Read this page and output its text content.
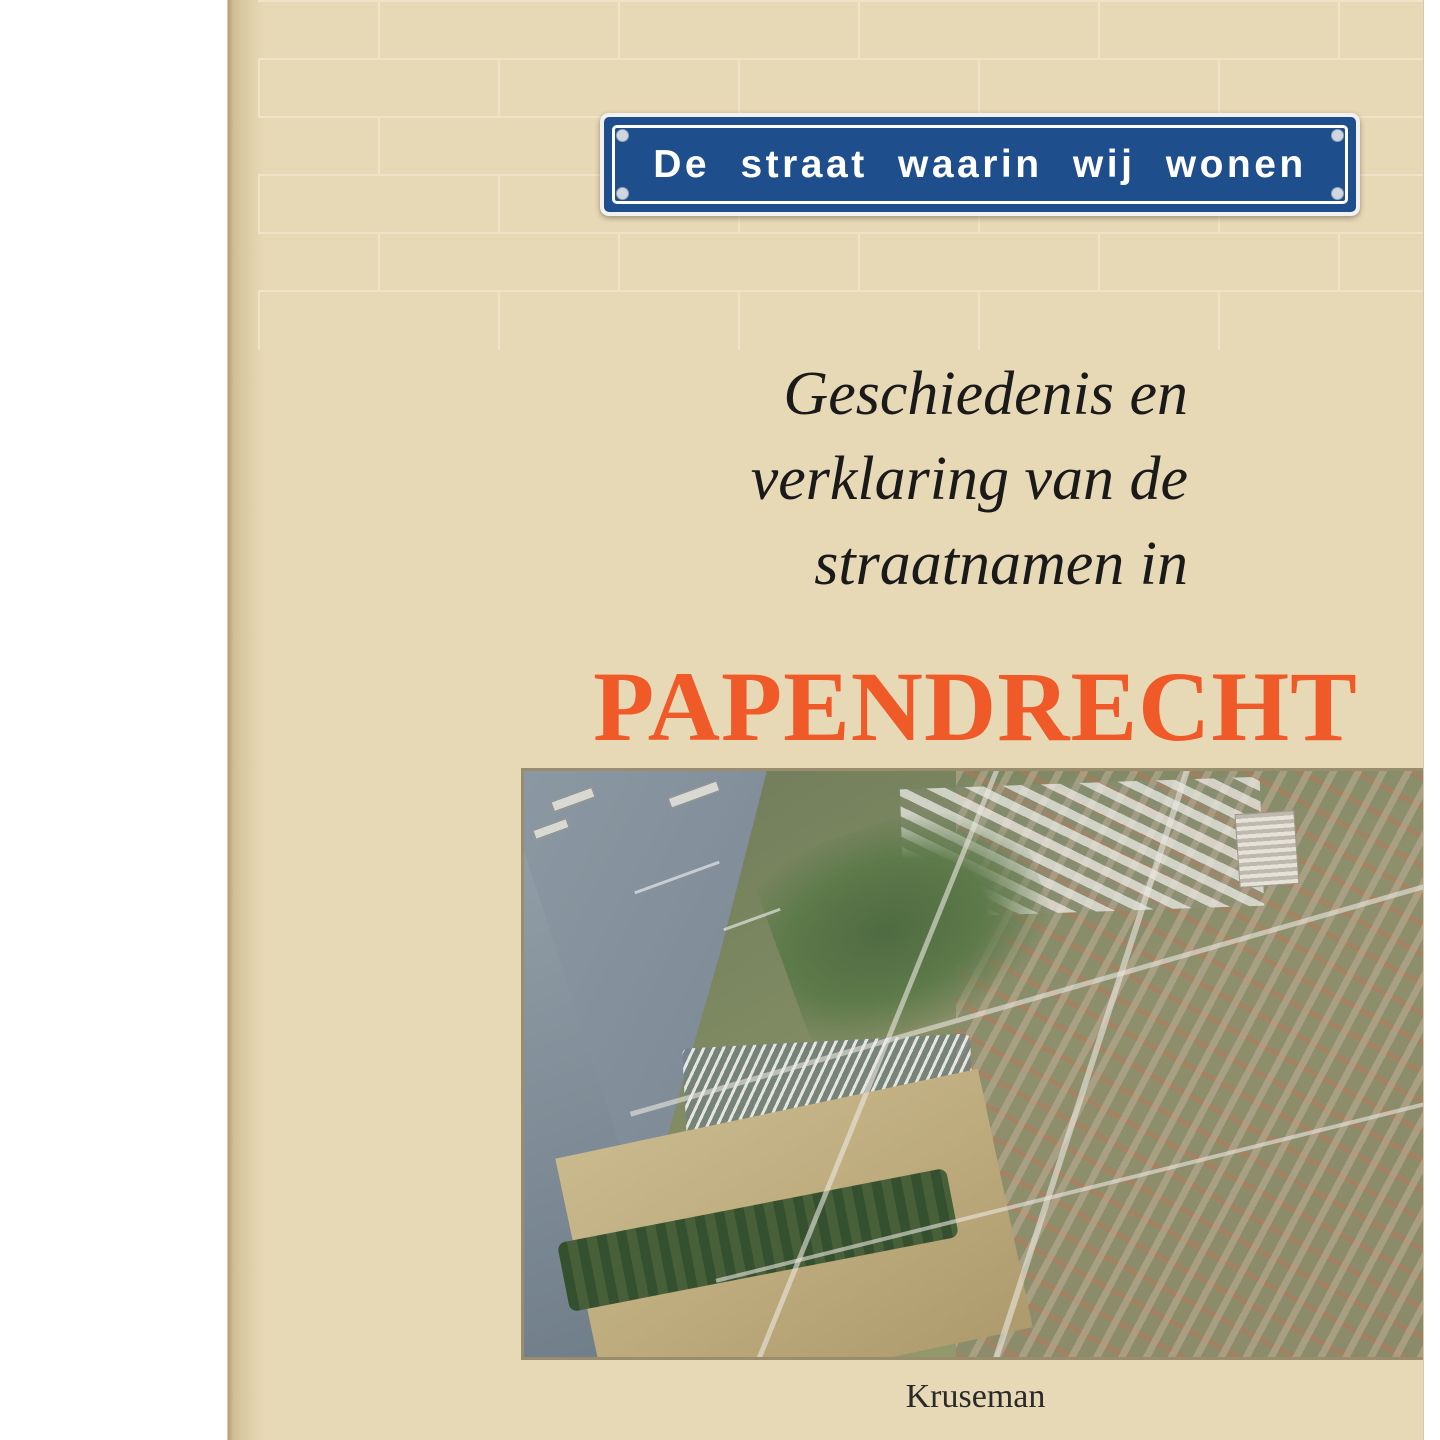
De straat waarin wij wonen
Geschiedenis en
verklaring van de
straatnamen in
PAPENDRECHT
Kruseman
